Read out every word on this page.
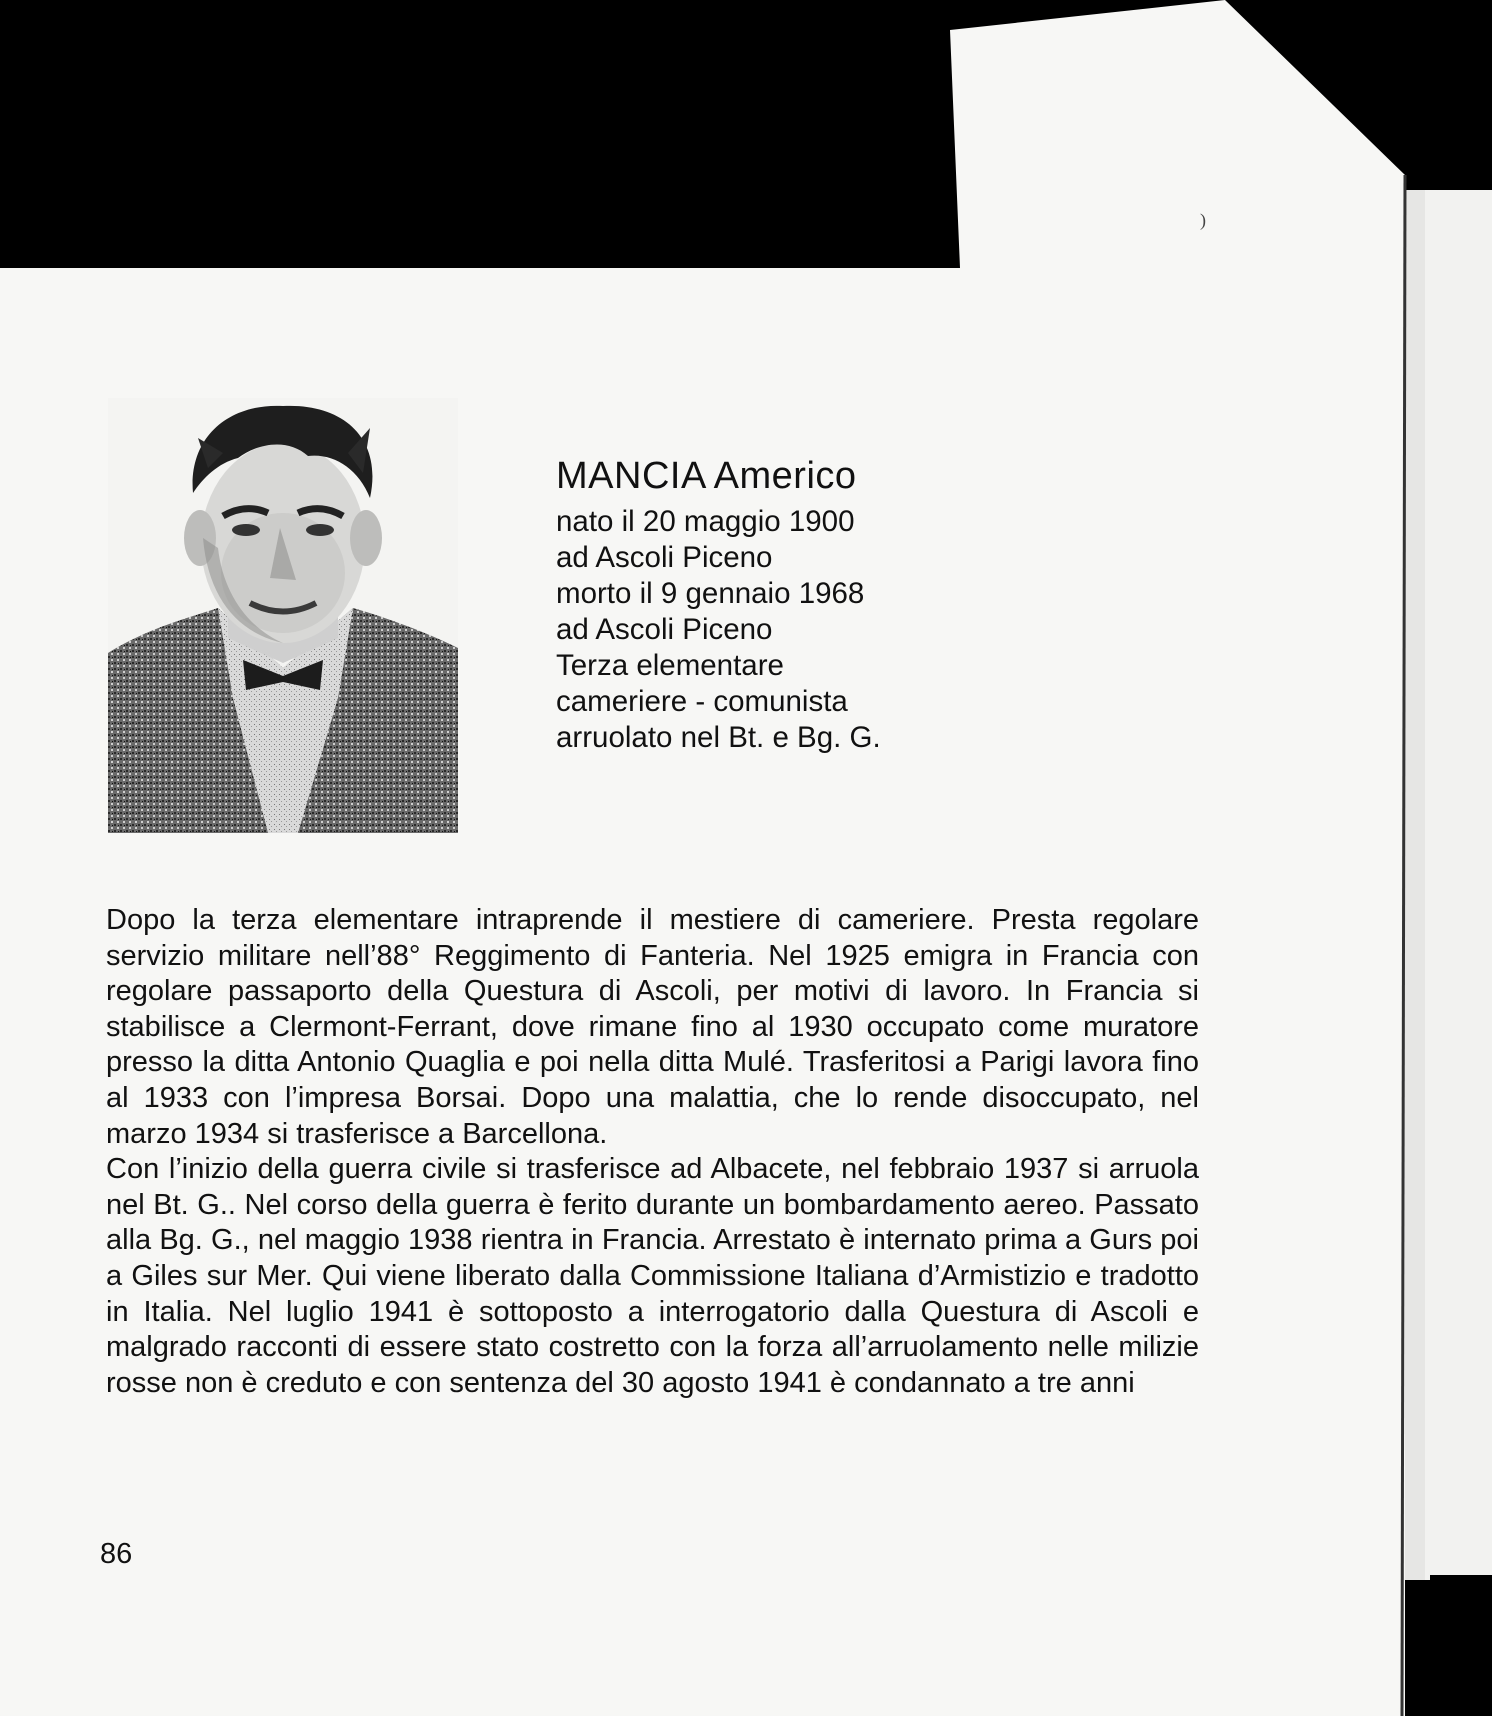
)
MANCIA Americo
nato il 20 maggio 1900
ad Ascoli Piceno
morto il 9 gennaio 1968
ad Ascoli Piceno
Terza elementare
cameriere - comunista
arruolato nel Bt. e Bg. G.

Dopo la terza elementare intraprende il mestiere di cameriere. Presta regolare servizio militare nell’88° Reggimento di Fanteria. Nel 1925 emigra in Francia con regolare passaporto della Questura di Ascoli, per motivi di lavoro. In Francia si stabilisce a Clermont-Ferrant, dove rimane fino al 1930 occupato come muratore presso la ditta Antonio Quaglia e poi nella ditta Mulé. Trasferitosi a Parigi lavora fino al 1933 con l’impresa Borsai. Dopo una malattia, che lo rende disoccupato, nel marzo 1934 si trasferisce a Barcellona.

Con l’inizio della guerra civile si trasferisce ad Albacete, nel febbraio 1937 si arruola nel Bt. G.. Nel corso della guerra è ferito durante un bombardamento aereo. Passato alla Bg. G., nel maggio 1938 rientra in Francia. Arrestato è internato prima a Gurs poi a Giles sur Mer. Qui viene liberato dalla Commissione Italiana d’Armistizio e tradotto in Italia. Nel luglio 1941 è sottoposto a interrogatorio dalla Questura di Ascoli e malgrado racconti di essere stato costretto con la forza all’arruolamento nelle milizie rosse non è creduto e con sentenza del 30 agosto 1941 è condannato a tre anni

86
